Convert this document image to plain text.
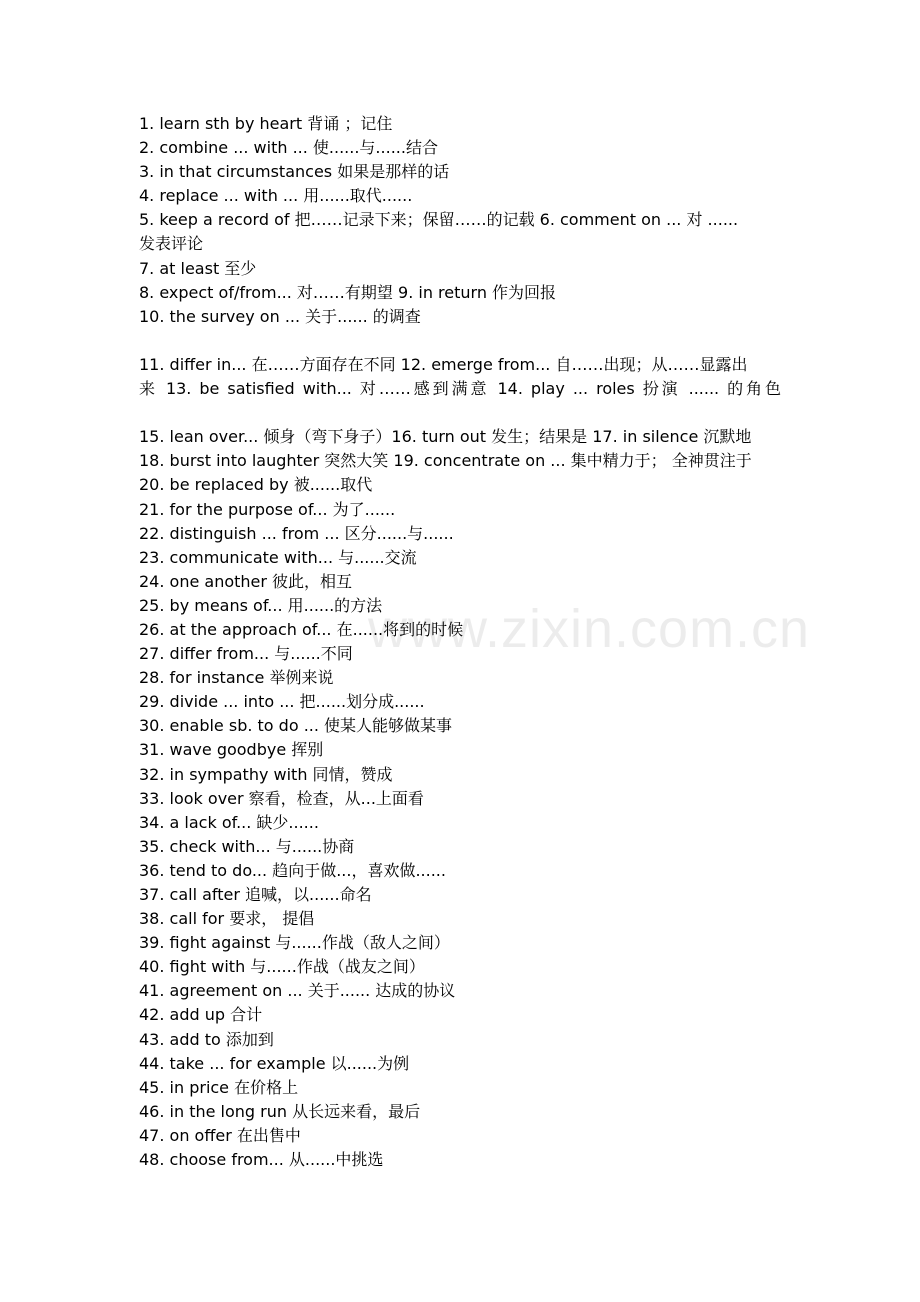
www.zixin.com.cn
1. learn sth by heart 背诵 ；记住
2. combine ... with ... 使......与......结合
3. in that circumstances 如果是那样的话
4. replace ... with ... 用......取代......
5. keep a record of 把……记录下来；保留……的记载 6. comment on ... 对 ......
发表评论
7. at least 至少
8. expect of/from... 对……有期望 9. in return 作为回报
10. the survey on ... 关于...... 的调查
11. differ in... 在……方面存在不同 12. emerge from... 自……出现；从……显露出
来 13. be satisfied with... 对……感到满意 14. play ... roles 扮演 ...... 的角色
15. lean over... 倾身（弯下身子）16. turn out 发生；结果是 17. in silence 沉默地
18. burst into laughter 突然大笑 19. concentrate on ... 集中精力于； 全神贯注于
20. be replaced by 被......取代
21. for the purpose of... 为了......
22. distinguish ... from ... 区分......与......
23. communicate with... 与......交流
24. one another 彼此，相互
25. by means of... 用......的方法
26. at the approach of... 在......将到的时候
27. differ from... 与......不同
28. for instance 举例来说
29. divide ... into ... 把......划分成......
30. enable sb. to do ... 使某人能够做某事
31. wave goodbye 挥别
32. in sympathy with 同情，赞成
33. look over 察看，检查，从...上面看
34. a lack of... 缺少......
35. check with... 与......协商
36. tend to do... 趋向于做...，喜欢做......
37. call after 追喊，以......命名
38. call for 要求， 提倡
39. fight against 与......作战（敌人之间）
40. fight with 与......作战（战友之间）
41. agreement on ... 关于...... 达成的协议
42. add up 合计
43. add to 添加到
44. take ... for example 以......为例
45. in price 在价格上
46. in the long run 从长远来看，最后
47. on offer 在出售中
48. choose from... 从......中挑选
